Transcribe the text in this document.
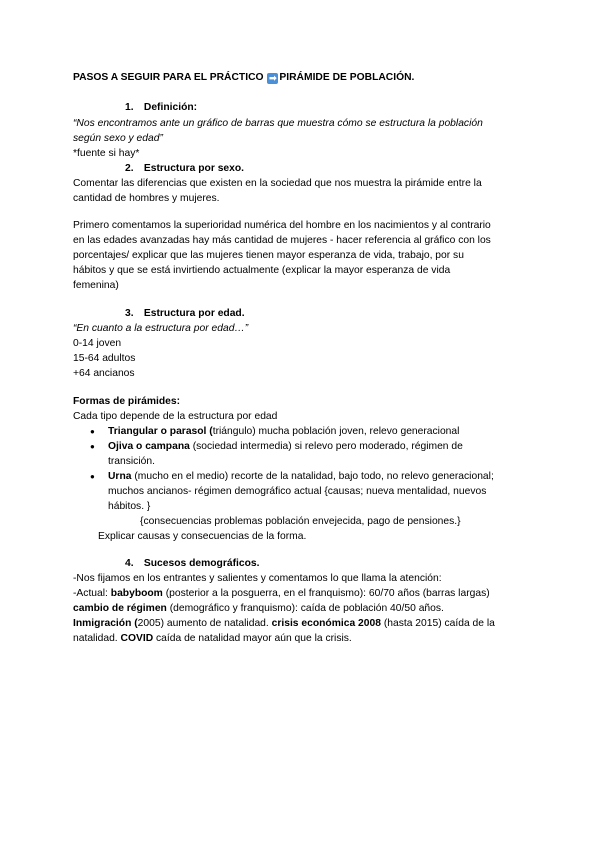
PASOS A SEGUIR PARA EL PRÁCTICO ➡ PIRÁMIDE DE POBLACIÓN.
1. Definición:
“Nos encontramos ante un gráfico de barras que muestra cómo se estructura la población
según sexo y edad”
*fuente si hay*
2. Estructura por sexo.
Comentar las diferencias que existen en la sociedad que nos muestra la pirámide entre la
cantidad de hombres y mujeres.
Primero comentamos la superioridad numérica del hombre en los nacimientos y al contrario
en las edades avanzadas hay más cantidad de mujeres - hacer referencia al gráfico con los
porcentajes/ explicar que las mujeres tienen mayor esperanza de vida, trabajo, por su
hábitos y que se está invirtiendo actualmente (explicar la mayor esperanza de vida
femenina)
3. Estructura por edad.
“En cuanto a la estructura por edad…”
0-14 joven
15-64 adultos
+64 ancianos
Formas de pirámides:
Cada tipo depende de la estructura por edad
● Triangular o parasol (triángulo) mucha población joven, relevo generacional
● Ojiva o campana (sociedad intermedia) si relevo pero moderado, régimen de
transición.
● Urna (mucho en el medio) recorte de la natalidad, bajo todo, no relevo generacional;
muchos ancianos- régimen demográfico actual {causas; nueva mentalidad, nuevos
hábitos. }
{consecuencias problemas población envejecida, pago de pensiones.}
Explicar causas y consecuencias de la forma.
4. Sucesos demográficos.
-Nos fijamos en los entrantes y salientes y comentamos lo que llama la atención:
-Actual: babyboom (posterior a la posguerra, en el franquismo): 60/70 años (barras largas)
cambio de régimen (demográfico y franquismo): caída de población 40/50 años.
Inmigración (2005) aumento de natalidad. crisis económica 2008 (hasta 2015) caída de la
natalidad. COVID caída de natalidad mayor aún que la crisis.
